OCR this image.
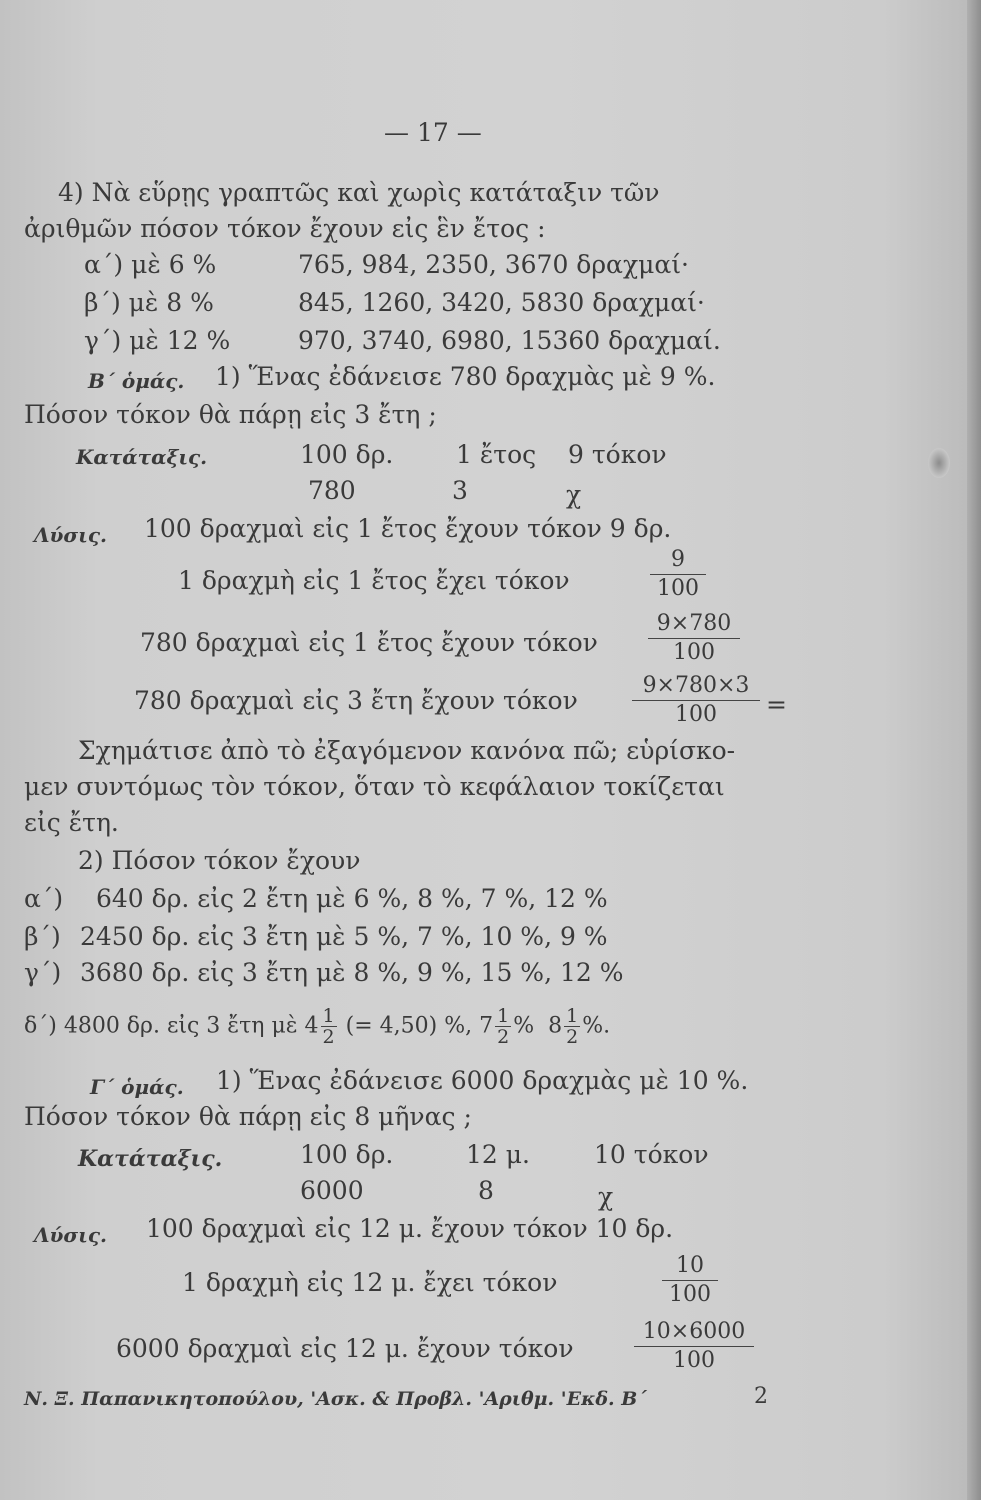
— 17 —
4) Νὰ εὕρῃς γραπτῶς καὶ χωρὶς κατάταξιν τῶν
ἀριθμῶν πόσον τόκον ἔχουν εἰς ἓν ἔτος :
α΄) μὲ 6 %	765, 984, 2350, 3670 δραχμαί·
β΄) μὲ 8 %	845, 1260, 3420, 5830 δραχμαί·
γ΄) μὲ 12 %	970, 3740, 6980, 15360 δραχμαί.
Β΄ ὁμάς. 1) Ἕνας ἐδάνεισε 780 δραχμὰς μὲ 9 %.
Πόσον τόκον θὰ πάρῃ εἰς 3 ἔτη ;
Κατάταξις.	100 δρ.	1 ἔτος 9 τόκον
780	3	χ
Λύσις. 100 δραχμαὶ εἰς 1 ἔτος ἔχουν τόκον 9 δρ.
1 δραχμὴ εἰς 1 ἔτος ἔχει τόκον	$\frac{9}{100}$
780 δραχμαὶ εἰς 1 ἔτος ἔχουν τόκον $\frac{9\times 780}{100}$
780 δραχμαὶ εἰς 3 ἔτη ἔχουν τόκον $\frac{9\times 780\times 3}{100}$ =
Σχημάτισε ἀπὸ τὸ ἐξαγόμενον κανόνα πῶ; εὑρίσκο-
μεν συντόμως τὸν τόκον, ὅταν τὸ κεφάλαιον τοκίζεται
εἰς ἔτη.
2) Πόσον τόκον ἔχουν
α΄) 640 δρ. εἰς 2 ἔτη μὲ 6 %, 8 %, 7 %, 12 %
β΄) 2450 δρ. εἰς 3 ἔτη μὲ 5 %, 7 %, 10 %, 9 %
γ΄) 3680 δρ. εἰς 3 ἔτη μὲ 8 %, 9 %, 15 %, 12 %
δ΄) 4800 δρ. εἰς 3 ἔτη μὲ $4 \frac{1}{2}$ (= 4,50) %, $7 \frac{1}{2}$ % $8 \frac{1}{2}$ %.
Γ΄ ὁμάς. 1) Ἕνας ἐδάνεισε 6000 δραχμὰς μὲ 10 %.
Πόσον τόκον θὰ πάρῃ εἰς 8 μῆνας ;
Κατάταξις.	100 δρ.	12 μ.	10 τόκον
6000	8	χ
Λύσις. 100 δραχμαὶ εἰς 12 μ. ἔχουν τόκον 10 δρ.
1 δραχμὴ εἰς 12 μ. ἔχει τόκον	$\frac{10}{100}$
6000 δραχμαὶ εἰς 12 μ. ἔχουν τόκον	$\frac{10\times 6000}{100}$
Ν. Ξ. Παπανικητοπούλου, 'Ασκ. & Προβλ. 'Αριθμ. 'Εκδ. Β΄	2
